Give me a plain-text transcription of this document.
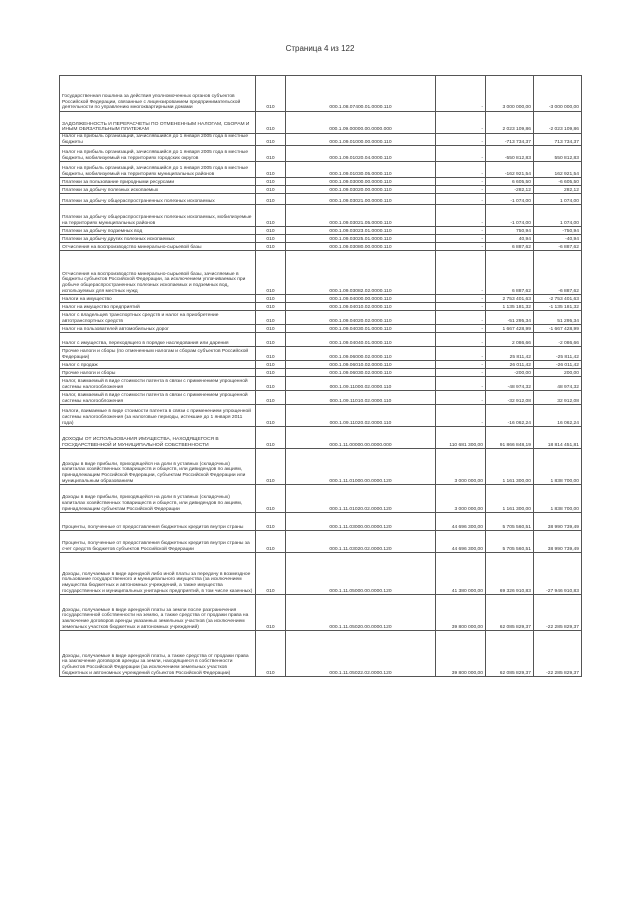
Страница 4 из 122
Государственная пошлина за действия уполномоченных органов субъектов Российской Федерации, связанные с лицензированием предпринимательской деятельности по управлению многоквартирными домами	010	000.1.08.07400.01.0000.110	-	3 000 000,00	-3 000 000,00
ЗАДОЛЖЕННОСТЬ И ПЕРЕРАСЧЕТЫ ПО ОТМЕНЕННЫМ НАЛОГАМ, СБОРАМ И ИНЫМ ОБЯЗАТЕЛЬНЫМ ПЛАТЕЖАМ	010	000.1.09.00000.00.0000.000	-	2 023 109,86	-2 023 109,86
Налог на прибыль организаций, зачислявшийся до 1 января 2005 года в местные бюджеты	010	000.1.09.01000.00.0000.110	-	-713 734,37	713 734,37
Налог на прибыль организаций, зачислявшийся до 1 января 2005 года в местные бюджеты, мобилизуемый на территориях городских округов	010	000.1.09.01020.04.0000.110	-	-550 812,83	550 812,83
Налог на прибыль организаций, зачислявшийся до 1 января 2005 года в местные бюджеты, мобилизуемый на территориях муниципальных районов	010	000.1.09.01030.05.0000.110	-	-162 921,54	162 921,54
Платежи за пользование природными ресурсами	010	000.1.09.03000.00.0000.110	-	6 605,50	-6 605,50
Платежи за добычу полезных ископаемых	010	000.1.09.03020.00.0000.110	-	-282,12	282,12
Платежи за добычу общераспространенных полезных ископаемых	010	000.1.09.03021.00.0000.110	-	-1 074,00	1 074,00
Платежи за добычу общераспространенных полезных ископаемых, мобилизуемые на территориях муниципальных районов	010	000.1.09.03021.05.0000.110	-	-1 074,00	1 074,00
Платежи за добычу подземных вод	010	000.1.09.03023.01.0000.110	-	750,94	-750,94
Платежи за добычу других полезных ископаемых	010	000.1.09.03025.01.0000.110	-	40,94	-40,94
Отчисления на воспроизводство минерально-сырьевой базы	010	000.1.09.03080.00.0000.110	-	6 887,62	-6 887,62
Отчисления на воспроизводство минерально-сырьевой базы, зачисляемые в бюджеты субъектов Российской Федерации, за исключением уплачиваемых при добыче общераспространенных полезных ископаемых и подземных вод, используемых для местных нужд	010	000.1.09.03082.02.0000.110	-	6 887,62	-6 887,62
Налоги на имущество	010	000.1.09.04000.00.0000.110	-	2 753 401,63	-2 753 401,63
Налог на имущество предприятий	010	000.1.09.04010.02.0000.110	-	1 135 181,32	-1 135 181,32
Налог с владельцев транспортных средств и налог на приобретение автотранспортных средств	010	000.1.09.04020.02.0000.110	-	-51 295,34	51 295,34
Налог на пользователей автомобильных дорог	010	000.1.09.04030.01.0000.110	-	1 667 428,99	-1 667 428,99
Налог с имущества, переходящего в порядке наследования или дарения	010	000.1.09.04040.01.0000.110	-	2 086,66	-2 086,66
Прочие налоги и сборы (по отмененным налогам и сборам субъектов Российской Федерации)	010	000.1.09.06000.02.0000.110	-	25 811,42	-25 811,42
Налог с продаж	010	000.1.09.06010.02.0000.110	-	26 011,42	-26 011,42
Прочие налоги и сборы	010	000.1.09.06030.02.0000.110	-	-200,00	200,00
Налог, взимаемый в виде стоимости патента в связи с применением упрощенной системы налогообложения	010	000.1.09.11000.02.0000.110	-	-48 974,32	48 974,32
Налог, взимаемый в виде стоимости патента в связи с применением упрощенной системы налогообложения	010	000.1.09.11010.02.0000.110	-	-32 912,08	32 912,08
Налоги, взимаемые в виде стоимости патента в связи с применением упрощенной системы налогообложения (за налоговые периоды, истекшие до 1 января 2011 года)	010	000.1.09.11020.02.0000.110	-	-16 062,24	16 062,24
ДОХОДЫ ОТ ИСПОЛЬЗОВАНИЯ ИМУЩЕСТВА, НАХОДЯЩЕГОСЯ В ГОСУДАРСТВЕННОЙ И МУНИЦИПАЛЬНОЙ СОБСТВЕННОСТИ	010	000.1.11.00000.00.0000.000	110 681 300,00	91 866 848,19	18 814 451,81
Доходы в виде прибыли, приходящейся на доли в уставных (складочных) капиталах хозяйственных товариществ и обществ, или дивидендов по акциям, принадлежащим Российской Федерации, субъектам Российской Федерации или муниципальным образованиям	010	000.1.11.01000.00.0000.120	3 000 000,00	1 161 300,00	1 838 700,00
Доходы в виде прибыли, приходящейся на доли в уставных (складочных) капиталах хозяйственных товариществ и обществ, или дивидендов по акциям, принадлежащим субъектам Российской Федерации	010	000.1.11.01020.02.0000.120	3 000 000,00	1 161 300,00	1 838 700,00
Проценты, полученные от предоставления бюджетных кредитов внутри страны	010	000.1.11.03000.00.0000.120	44 696 300,00	5 705 560,51	38 990 739,49
Проценты, полученные от предоставления бюджетных кредитов внутри страны за счет средств бюджетов субъектов Российской Федерации	010	000.1.11.03020.02.0000.120	44 696 300,00	5 705 560,51	38 990 739,49
Доходы, получаемые в виде арендной либо иной платы за передачу в возмездное пользование государственного и муниципального имущества (за исключением имущества бюджетных и автономных учреждений, а также имущества государственных и муниципальных унитарных предприятий, в том числе казенных)	010	000.1.11.05000.00.0000.120	41 380 000,00	69 326 910,83	-27 946 910,83
Доходы, получаемые в виде арендной платы за земли после разграничения государственной собственности на землю, а также средства от продажи права на заключение договоров аренды указанных земельных участков (за исключением земельных участков бюджетных и автономных учреждений)	010	000.1.11.05020.00.0000.120	39 800 000,00	62 085 829,37	-22 285 829,37
Доходы, получаемые в виде арендной платы, а также средства от продажи права на заключение договоров аренды за земли, находящиеся в собственности субъектов Российской Федерации (за исключением земельных участков бюджетных и автономных учреждений субъектов Российской Федерации)	010	000.1.11.05022.02.0000.120	39 800 000,00	62 085 829,37	-22 285 829,37
